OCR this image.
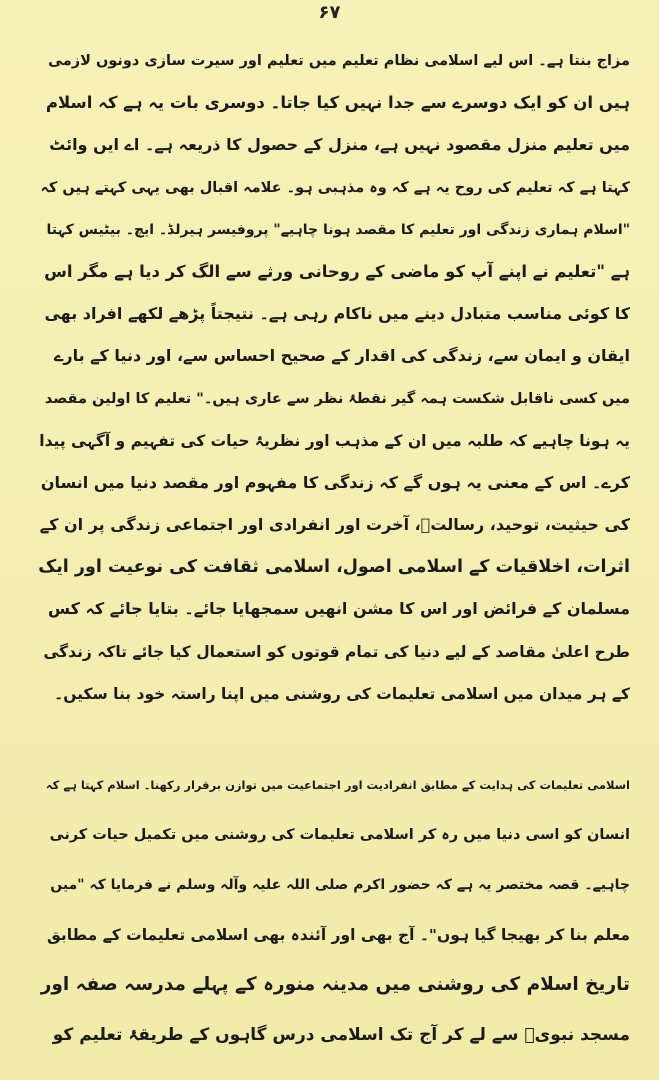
۶۷
مزاج بنتا ہے۔ اس لیے اسلامی نظام تعلیم میں تعلیم اور سیرت سازی دونوں لازمی
ہیں ان کو ایک دوسرے سے جدا نہیں کیا جاتا۔ دوسری بات یہ ہے کہ اسلام
میں تعلیم منزل مقصود نہیں ہے، منزل کے حصول کا ذریعہ ہے۔ اے ایں وائٹ
کہتا ہے کہ تعلیم کی روح یہ ہے کہ وہ مذہبی ہو۔ علامہ اقبال بھی یہی کہتے ہیں کہ
"اسلام ہماری زندگی اور تعلیم کا مقصد ہونا چاہیے" پروفیسر ہیرلڈ۔ ایچ۔ بیٹیس کہتا
ہے "تعلیم نے اپنے آپ کو ماضی کے روحانی ورثے سے الگ کر دیا ہے مگر اس
کا کوئی مناسب متبادل دینے میں ناکام رہی ہے۔ نتیجتاً پڑھے لکھے افراد بھی
ایقان و ایمان سے، زندگی کی اقدار کے صحیح احساس سے، اور دنیا کے بارے
میں کسی ناقابل شکست ہمہ گیر نقطۂ نظر سے عاری ہیں۔" تعلیم کا اولین مقصد
یہ ہونا چاہیے کہ طلبہ میں ان کے مذہب اور نظریۂ حیات کی تفہیم و آگہی پیدا
کرے۔ اس کے معنی یہ ہوں گے کہ زندگی کا مفہوم اور مقصد دنیا میں انسان
کی حیثیت، توحید، رسالتؐ، آخرت اور انفرادی اور اجتماعی زندگی پر ان کے
اثرات، اخلاقیات کے اسلامی اصول، اسلامی ثقافت کی نوعیت اور ایک
مسلمان کے فرائض اور اس کا مشن انھیں سمجھایا جائے۔ بتایا جائے کہ کس
طرح اعلیٰ مقاصد کے لیے دنیا کی تمام قوتوں کو استعمال کیا جائے تاکہ زندگی
کے ہر میدان میں اسلامی تعلیمات کی روشنی میں اپنا راستہ خود بنا سکیں۔
اسلامی تعلیمات کی ہدایت کے مطابق انفرادیت اور اجتماعیت میں توازن برقرار رکھنا۔ اسلام کہتا ہے کہ
انسان کو اسی دنیا میں رہ کر اسلامی تعلیمات کی روشنی میں تکمیل حیات کرنی
چاہیے۔ قصہ مختصر یہ ہے کہ حضور اکرم صلی اللہ علیہ وآلہ وسلم نے فرمایا کہ "میں
معلم بنا کر بھیجا گیا ہوں"۔ آج بھی اور آئندہ بھی اسلامی تعلیمات کے مطابق
تاریخ اسلام کی روشنی میں مدینہ منورہ کے پہلے مدرسہ صفہ اور
مسجد نبویؐ سے لے کر آج تک اسلامی درس گاہوں کے طریقۂ تعلیم کو
